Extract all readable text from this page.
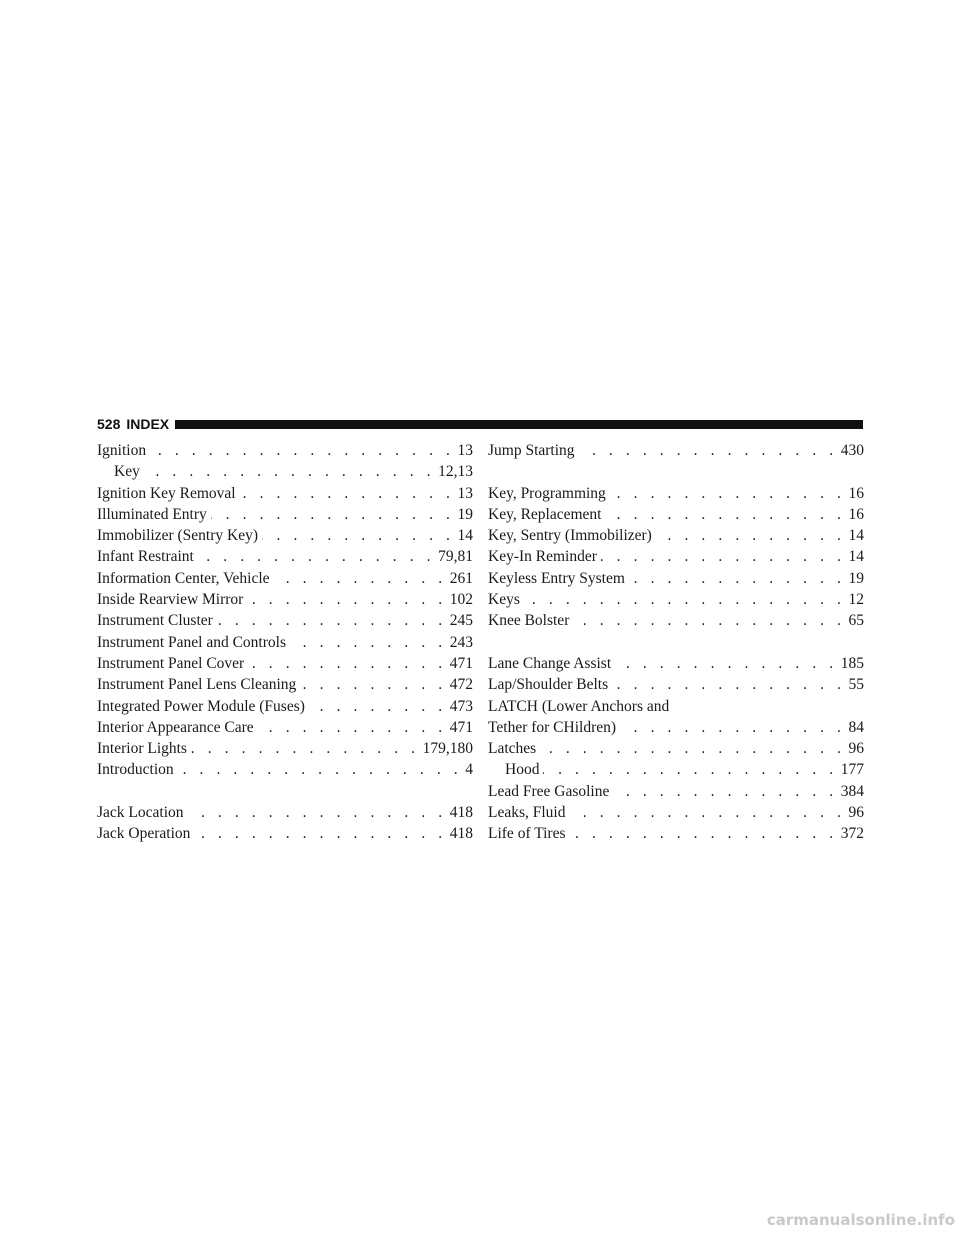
528 INDEX
Ignition . . .	13
Key . . .	12,13
Ignition Key Removal . . .	13
Illuminated Entry . . .	19
Immobilizer (Sentry Key) . . .	14
Infant Restraint . . .	79,81
Information Center, Vehicle . . .	261
Inside Rearview Mirror . . .	102
Instrument Cluster . . .	245
Instrument Panel and Controls . . .	243
Instrument Panel Cover . . .	471
Instrument Panel Lens Cleaning . . .	472
Integrated Power Module (Fuses) . . .	473
Interior Appearance Care . . .	471
Interior Lights . . .	179,180
Introduction . . .	4
Jack Location . . .	418
Jack Operation . . .	418
Jump Starting . . .	430
Key, Programming . . .	16
Key, Replacement . . .	16
Key, Sentry (Immobilizer) . . .	14
Key-In Reminder . . .	14
Keyless Entry System . . .	19
Keys . . .	12
Knee Bolster . . .	65
Lane Change Assist . . .	185
Lap/Shoulder Belts . . .	55
LATCH (Lower Anchors and
Tether for CHildren) . . .	84
Latches . . .	96
Hood . . .	177
Lead Free Gasoline . . .	384
Leaks, Fluid . . .	96
Life of Tires . . .	372
carmanualsonline.info
